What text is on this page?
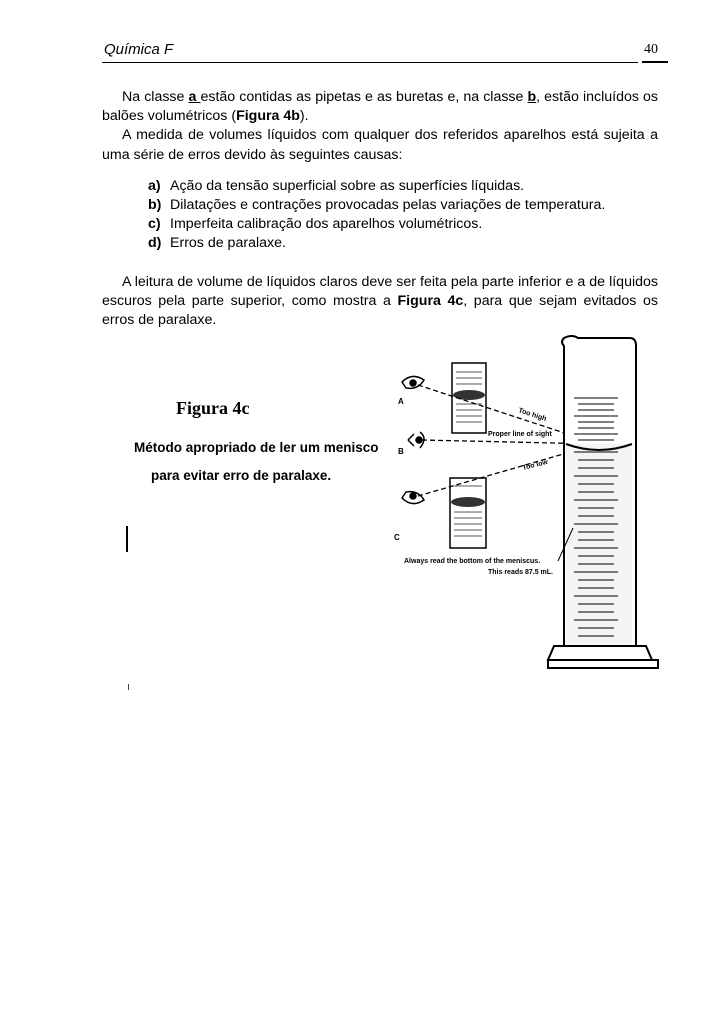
Química F	40

Na classe a estão contidas as pipetas e as buretas e, na classe b, estão incluídos os balões volumétricos (Figura 4b).

A medida de volumes líquidos com qualquer dos referidos aparelhos está sujeita a uma série de erros devido às seguintes causas:

a) Ação da tensão superficial sobre as superfícies líquidas.
b) Dilatações e contrações provocadas pelas variações de temperatura.
c) Imperfeita calibração dos aparelhos volumétricos.
d) Erros de paralaxe.

A leitura de volume de líquidos claros deve ser feita pela parte inferior e a de líquidos escuros pela parte superior, como mostra a Figura 4c, para que sejam evitados os erros de paralaxe.

Figura 4c
Método apropriado de ler um menisco
para evitar erro de paralaxe.
A
B
C
Too high
Proper line of sight
Too low
Always read the bottom of the meniscus.
This reads 87.5 mL.
